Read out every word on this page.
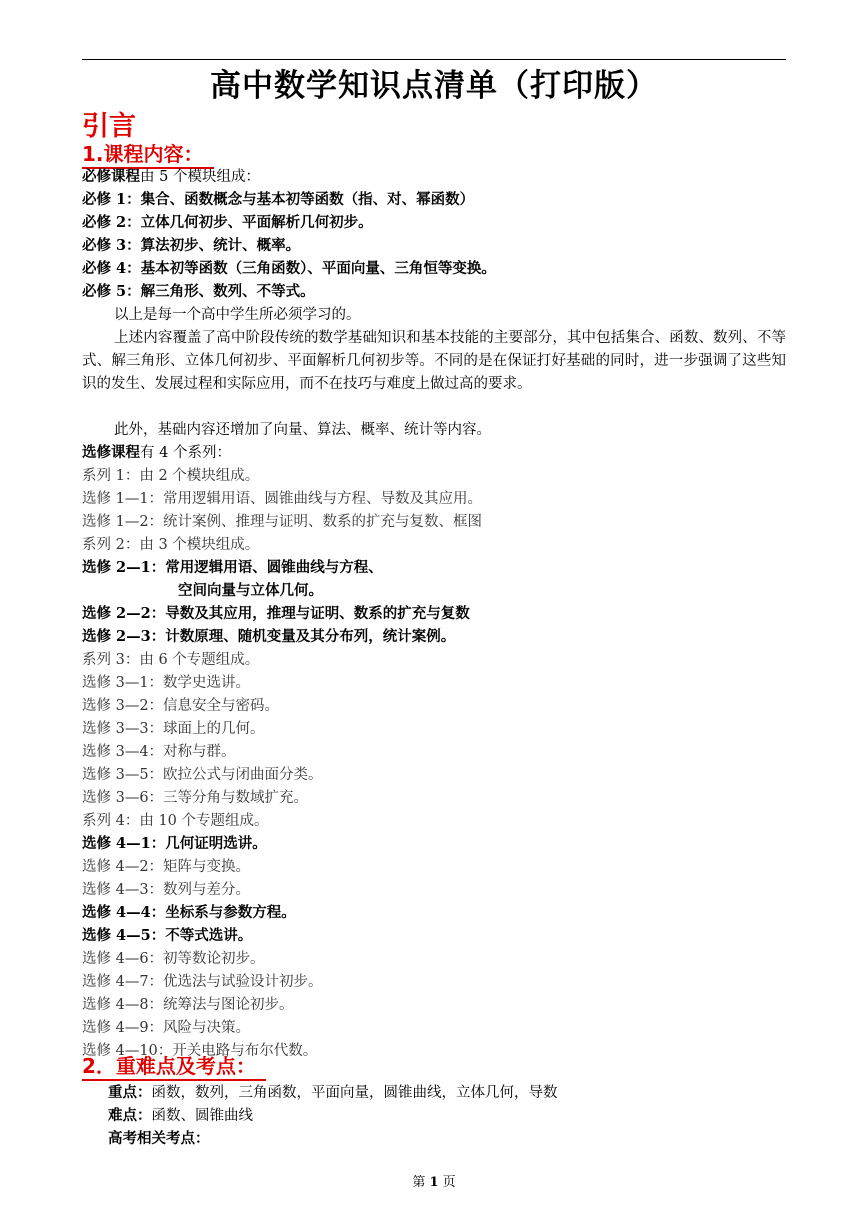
高中数学知识点清单（打印版）
引言
1.课程内容：
必修课程由 5 个模块组成：
必修 1：集合、函数概念与基本初等函数（指、对、幂函数）
必修 2：立体几何初步、平面解析几何初步。
必修 3：算法初步、统计、概率。
必修 4：基本初等函数（三角函数）、平面向量、三角恒等变换。
必修 5：解三角形、数列、不等式。
以上是每一个高中学生所必须学习的。
上述内容覆盖了高中阶段传统的数学基础知识和基本技能的主要部分，其中包括集合、函数、数列、不等式、解三角形、立体几何初步、平面解析几何初步等。不同的是在保证打好基础的同时，进一步强调了这些知识的发生、发展过程和实际应用，而不在技巧与难度上做过高的要求。
此外，基础内容还增加了向量、算法、概率、统计等内容。
选修课程有 4 个系列：
系列 1：由 2 个模块组成。
选修 1—1：常用逻辑用语、圆锥曲线与方程、导数及其应用。
选修 1—2：统计案例、推理与证明、数系的扩充与复数、框图
系列 2：由 3 个模块组成。
选修 2—1：常用逻辑用语、圆锥曲线与方程、
空间向量与立体几何。
选修 2—2：导数及其应用，推理与证明、数系的扩充与复数
选修 2—3：计数原理、随机变量及其分布列，统计案例。
系列 3：由 6 个专题组成。
选修 3—1：数学史选讲。
选修 3—2：信息安全与密码。
选修 3—3：球面上的几何。
选修 3—4：对称与群。
选修 3—5：欧拉公式与闭曲面分类。
选修 3—6：三等分角与数域扩充。
系列 4：由 10 个专题组成。
选修 4—1：几何证明选讲。
选修 4—2：矩阵与变换。
选修 4—3：数列与差分。
选修 4—4：坐标系与参数方程。
选修 4—5：不等式选讲。
选修 4—6：初等数论初步。
选修 4—7：优选法与试验设计初步。
选修 4—8：统筹法与图论初步。
选修 4—9：风险与决策。
选修 4—10：开关电路与布尔代数。
2．重难点及考点：
重点：函数，数列，三角函数，平面向量，圆锥曲线，立体几何，导数
难点：函数、圆锥曲线
高考相关考点：
第 1 页
